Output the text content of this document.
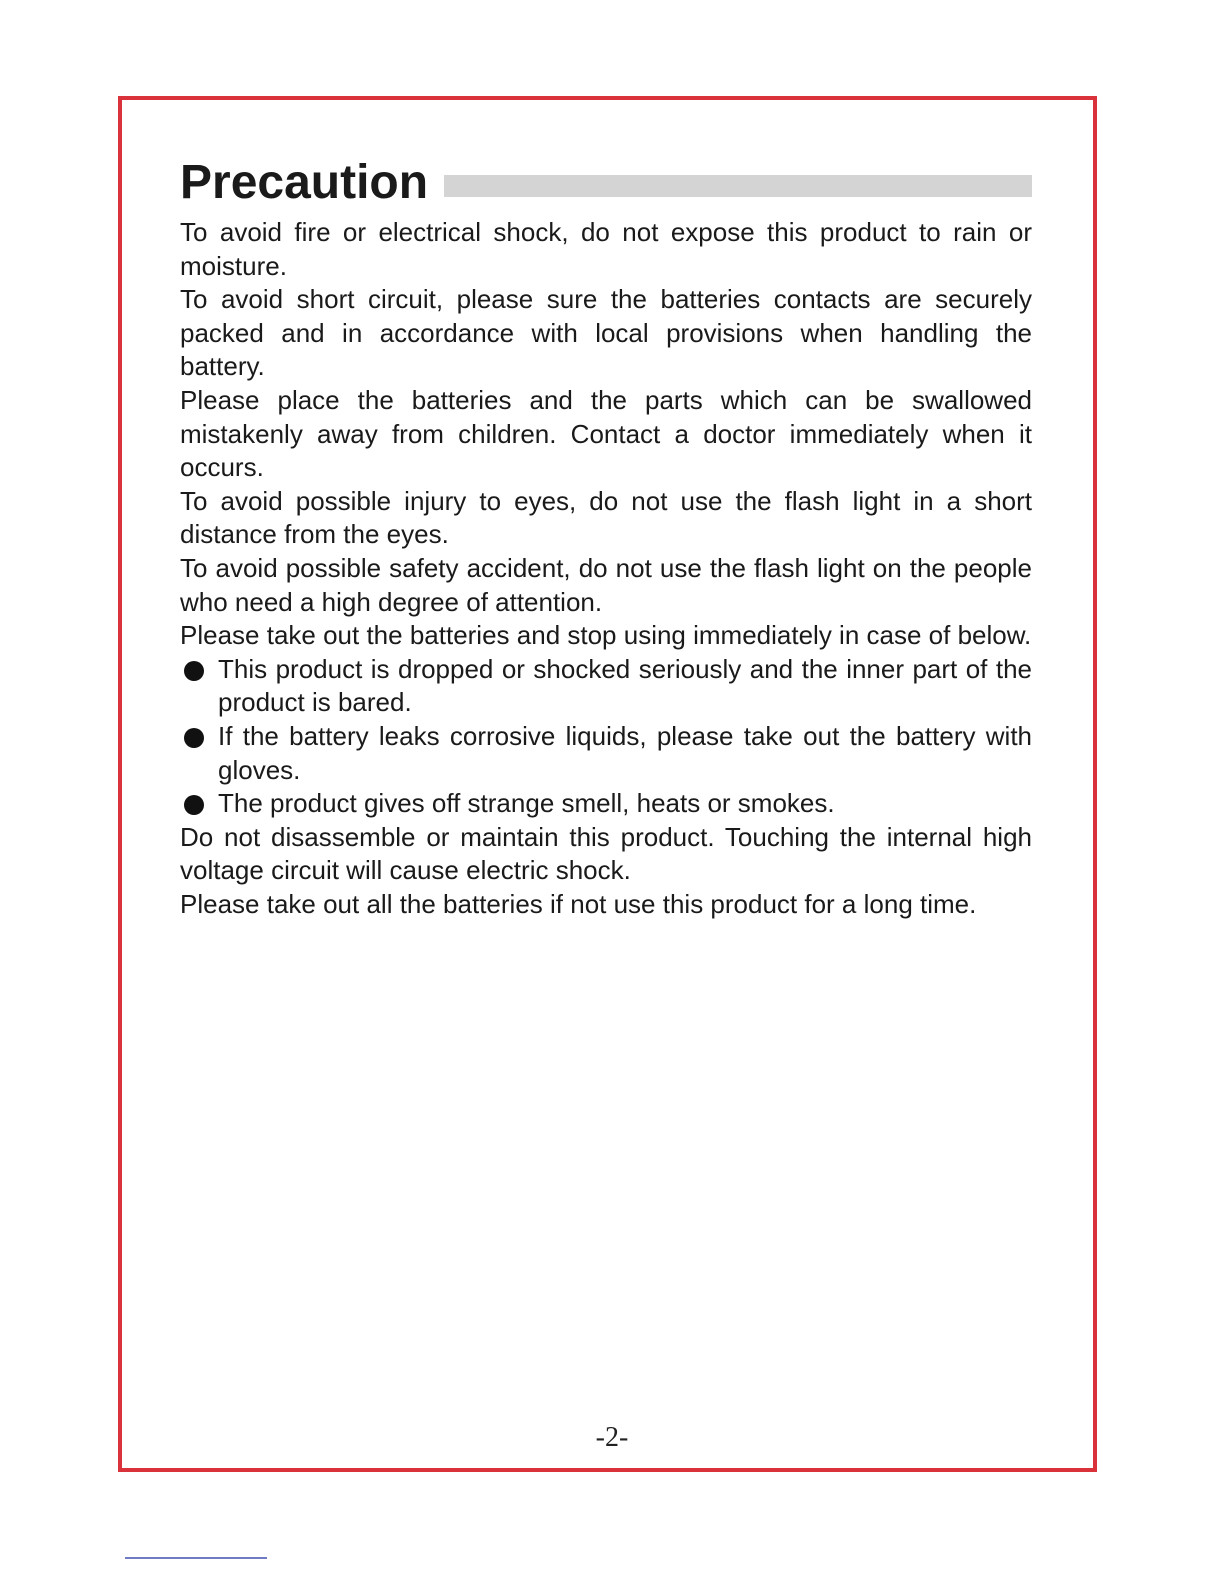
Precaution

To avoid fire or electrical shock, do not expose this product to rain or moisture.

To avoid short circuit, please sure the batteries contacts are securely packed and in accordance with local provisions when handling the battery.

Please place the batteries and the parts which can be swallowed mistakenly away from children. Contact a doctor immediately when it occurs.

To avoid possible injury to eyes, do not use the flash light in a short distance from the eyes.

To avoid possible safety accident, do not use the flash light on the people who need a high degree of attention.

Please take out the batteries and stop using immediately in case of below.

This product is dropped or shocked seriously and the inner part of the product is bared.
If the battery leaks corrosive liquids, please take out the battery with gloves.
The product gives off strange smell, heats or smokes.

Do not disassemble or maintain this product. Touching the internal high voltage circuit will cause electric shock.

Please take out all the batteries if not use this product for a long time.

-2-
